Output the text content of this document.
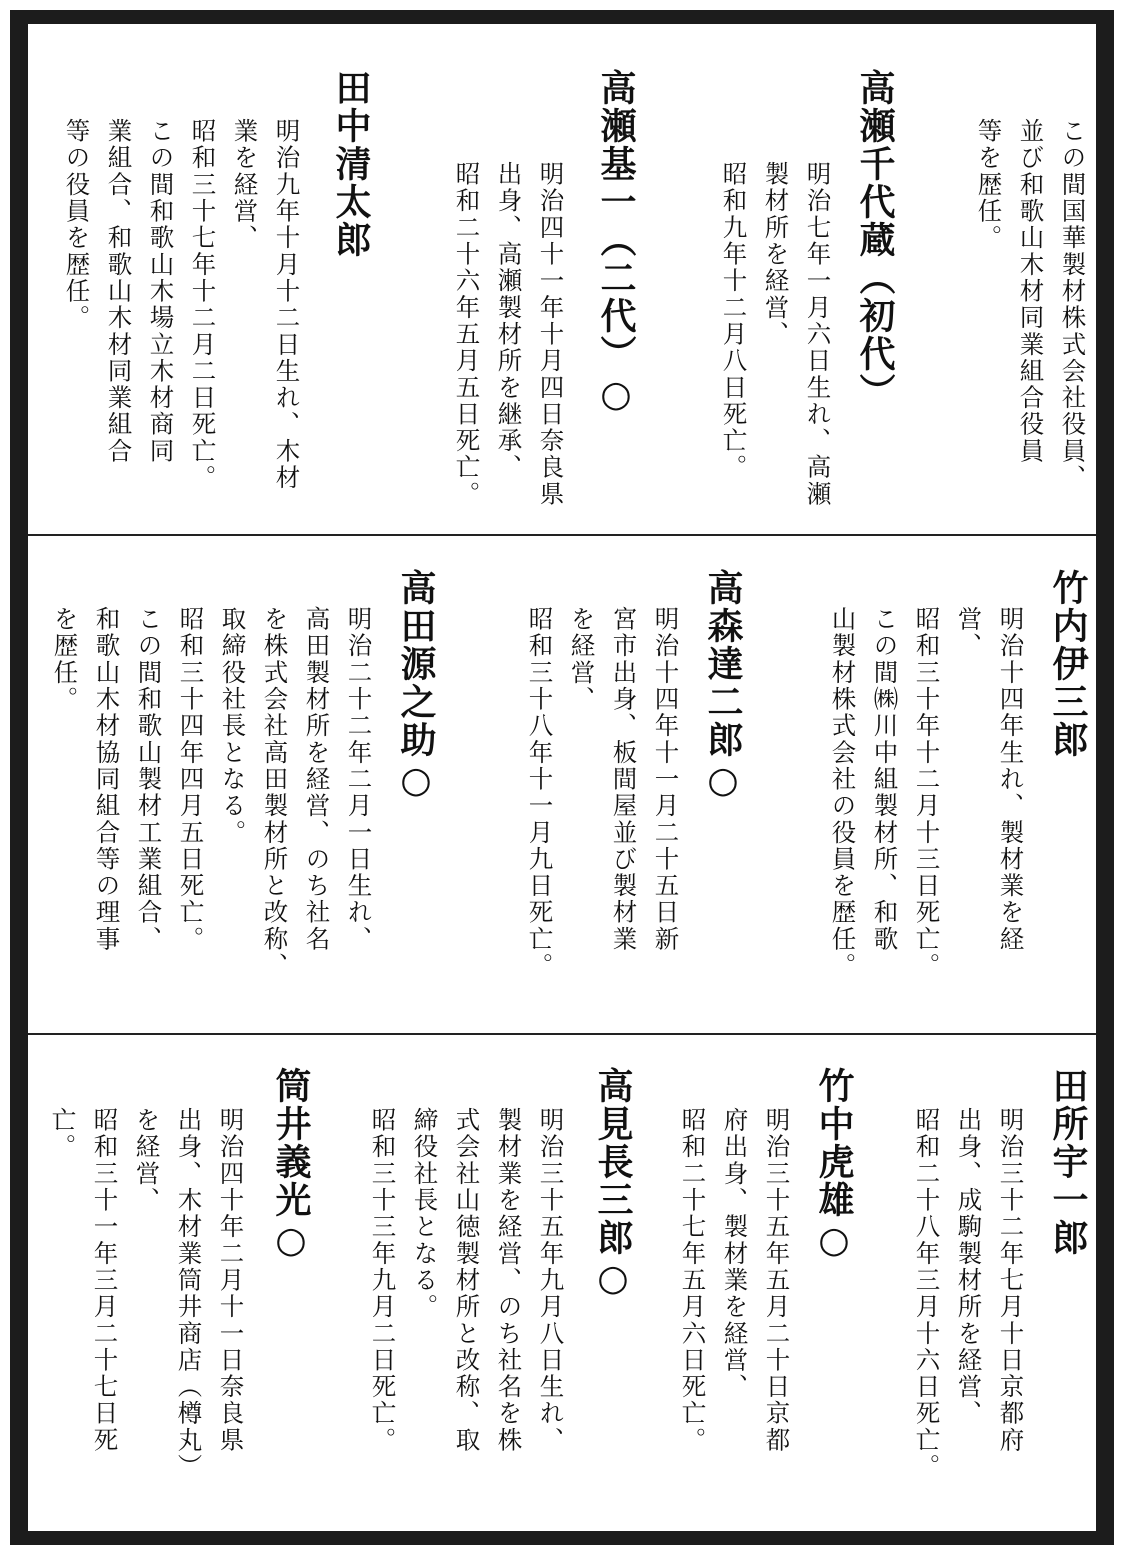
この間国華製材株式会社役員、

並び和歌山木材同業組合役員

等を歴任。

高瀬千代蔵（初代）

明治七年一月六日生れ、高瀬

製材所を経営、

昭和九年十二月八日死亡。

高瀬基一（二代）○

明治四十一年十月四日奈良県

出身、高瀬製材所を継承、

昭和二十六年五月五日死亡。

田中清太郎

明治九年十月十二日生れ、木材

業を経営、

昭和三十七年十二月二日死亡。

この間和歌山木場立木材商同

業組合、和歌山木材同業組合

等の役員を歴任。

竹内伊三郎

明治十四年生れ、製材業を経

営、

昭和三十年十二月十三日死亡。

この間㈱川中組製材所、和歌

山製材株式会社の役員を歴任。

高森達二郎○

明治十四年十一月二十五日新

宮市出身、板間屋並び製材業

を経営、

昭和三十八年十一月九日死亡。

高田源之助○

明治二十二年二月一日生れ、

高田製材所を経営、のち社名

を株式会社高田製材所と改称、

取締役社長となる。

昭和三十四年四月五日死亡。

この間和歌山製材工業組合、

和歌山木材協同組合等の理事

を歴任。

田所宇一郎

明治三十二年七月十日京都府

出身、成駒製材所を経営、

昭和二十八年三月十六日死亡。

竹中虎雄○

明治三十五年五月二十日京都

府出身、製材業を経営、

昭和二十七年五月六日死亡。

高見長三郎○

明治三十五年九月八日生れ、

製材業を経営、のち社名を株

式会社山徳製材所と改称、取

締役社長となる。

昭和三十三年九月二日死亡。

筒井義光○

明治四十年二月十一日奈良県

出身、木材業筒井商店（樽丸）

を経営、

昭和三十一年三月二十七日死

亡。
